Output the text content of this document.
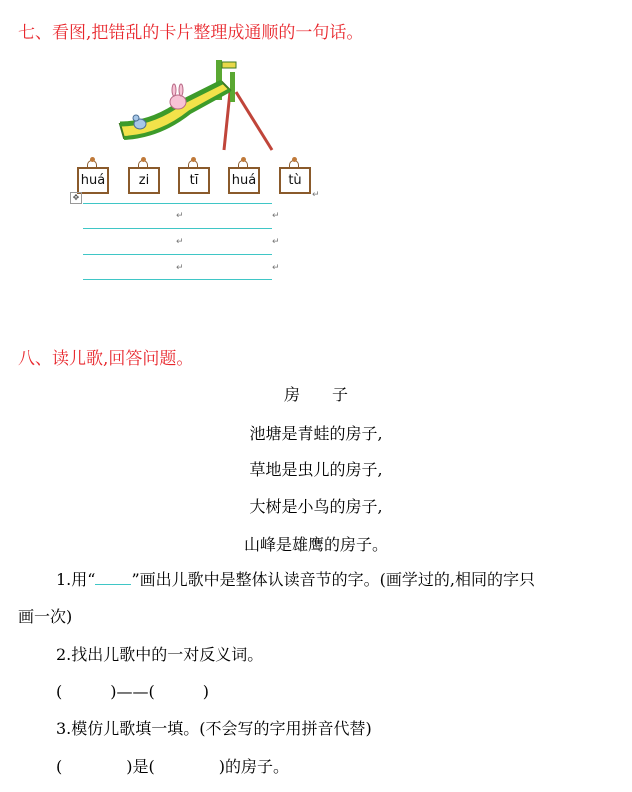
七、看图,把错乱的卡片整理成通顺的一句话。
huá	zi	tī	huá	tù
✥	↵
↵	↵
↵	↵
↵	↵
八、读儿歌,回答问题。
房　　子
池塘是青蛙的房子,
草地是虫儿的房子,
大树是小鸟的房子,
山峰是雄鹰的房子。
1.用“ ”画出儿歌中是整体认读音节的字。(画学过的,相同的字只
画一次)
2.找出儿歌中的一对反义词。
(　　　)——(　　　)
3.模仿儿歌填一填。(不会写的字用拼音代替)
(　　　　)是(　　　　)的房子。
